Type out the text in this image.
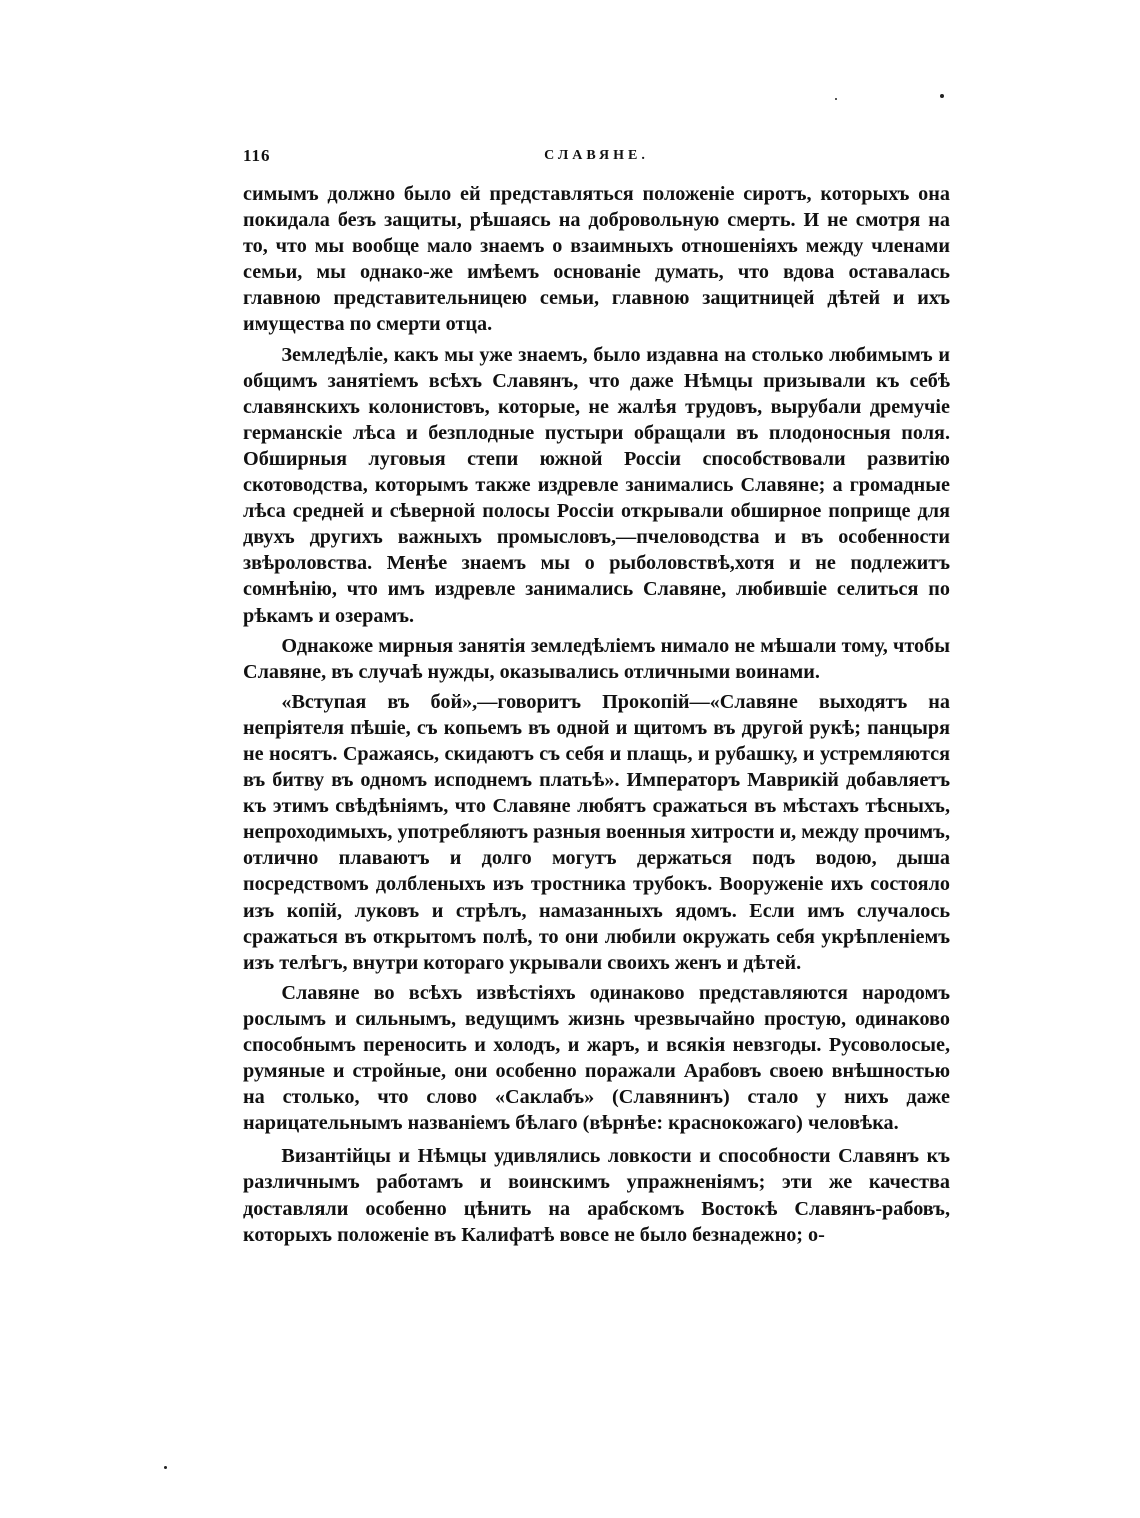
116	СЛАВЯНЕ.

симымъ должно было ей представляться положеніе сиротъ, которыхъ она покидала безъ защиты, рѣшаясь на добровольную смерть. И не смотря на то, что мы вообще мало знаемъ о взаимныхъ отношеніяхъ между членами семьи, мы однако-же имѣемъ основаніе думать, что вдова оставалась главною представительницею семьи, главною защитницей дѣтей и ихъ имущества по смерти отца.

Земледѣліе, какъ мы уже знаемъ, было издавна на столько любимымъ и общимъ занятіемъ всѣхъ Славянъ, что даже Нѣмцы призывали къ себѣ славянскихъ колонистовъ, которые, не жалѣя трудовъ, вырубали дремучіе германскіе лѣса и безплодные пустыри обращали въ плодоносныя поля. Обширныя луговыя степи южной Россіи способствовали развитію скотоводства, которымъ также издревле занимались Славяне; а громадные лѣса средней и сѣверной полосы Россіи открывали обширное поприще для двухъ другихъ важныхъ промысловъ,—пчеловодства и въ особенности звѣроловства. Менѣе знаемъ мы о рыболовствѣ,хотя и не подлежитъ сомнѣнію, что имъ издревле занимались Славяне, любившіе селиться по рѣкамъ и озерамъ.

Однакоже мирныя занятія земледѣліемъ нимало не мѣшали тому, чтобы Славяне, въ случаѣ нужды, оказывались отличными воинами.

«Вступая въ бой»,—говоритъ Прокопій—«Славяне выходятъ на непріятеля пѣшіе, съ копьемъ въ одной и щитомъ въ другой рукѣ; панцыря не носятъ. Сражаясь, скидаютъ съ себя и плащь, и рубашку, и устремляются въ битву въ одномъ исподнемъ платьѣ». Императоръ Маврикій добавляетъ къ этимъ свѣдѣніямъ, что Славяне любятъ сражаться въ мѣстахъ тѣсныхъ, непроходимыхъ, употребляютъ разныя военныя хитрости и, между прочимъ, отлично плаваютъ и долго могутъ держаться подъ водою, дыша посредствомъ долбленыхъ изъ тростника трубокъ. Вооруженіе ихъ состояло изъ копій, луковъ и стрѣлъ, намазанныхъ ядомъ. Если имъ случалось сражаться въ открытомъ полѣ, то они любили окружать себя укрѣпленіемъ изъ телѣгъ, внутри котораго укрывали своихъ женъ и дѣтей.

Славяне во всѣхъ извѣстіяхъ одинаково представляются народомъ рослымъ и сильнымъ, ведущимъ жизнь чрезвычайно простую, одинаково способнымъ переносить и холодъ, и жаръ, и всякія невзгоды. Русоволосые, румяные и стройные, они особенно поражали Арабовъ своею внѣшностью на столько, что слово «Саклабъ» (Славянинъ) стало у нихъ даже нарицательнымъ названіемъ бѣлаго (вѣрнѣе: краснокожаго) человѣка.

Византійцы и Нѣмцы удивлялись ловкости и способности Славянъ къ различнымъ работамъ и воинскимъ упражненіямъ; эти же качества доставляли особенно цѣнить на арабскомъ Востокѣ Славянъ-рабовъ, которыхъ положеніе въ Калифатѣ вовсе не было безнадежно; о-
